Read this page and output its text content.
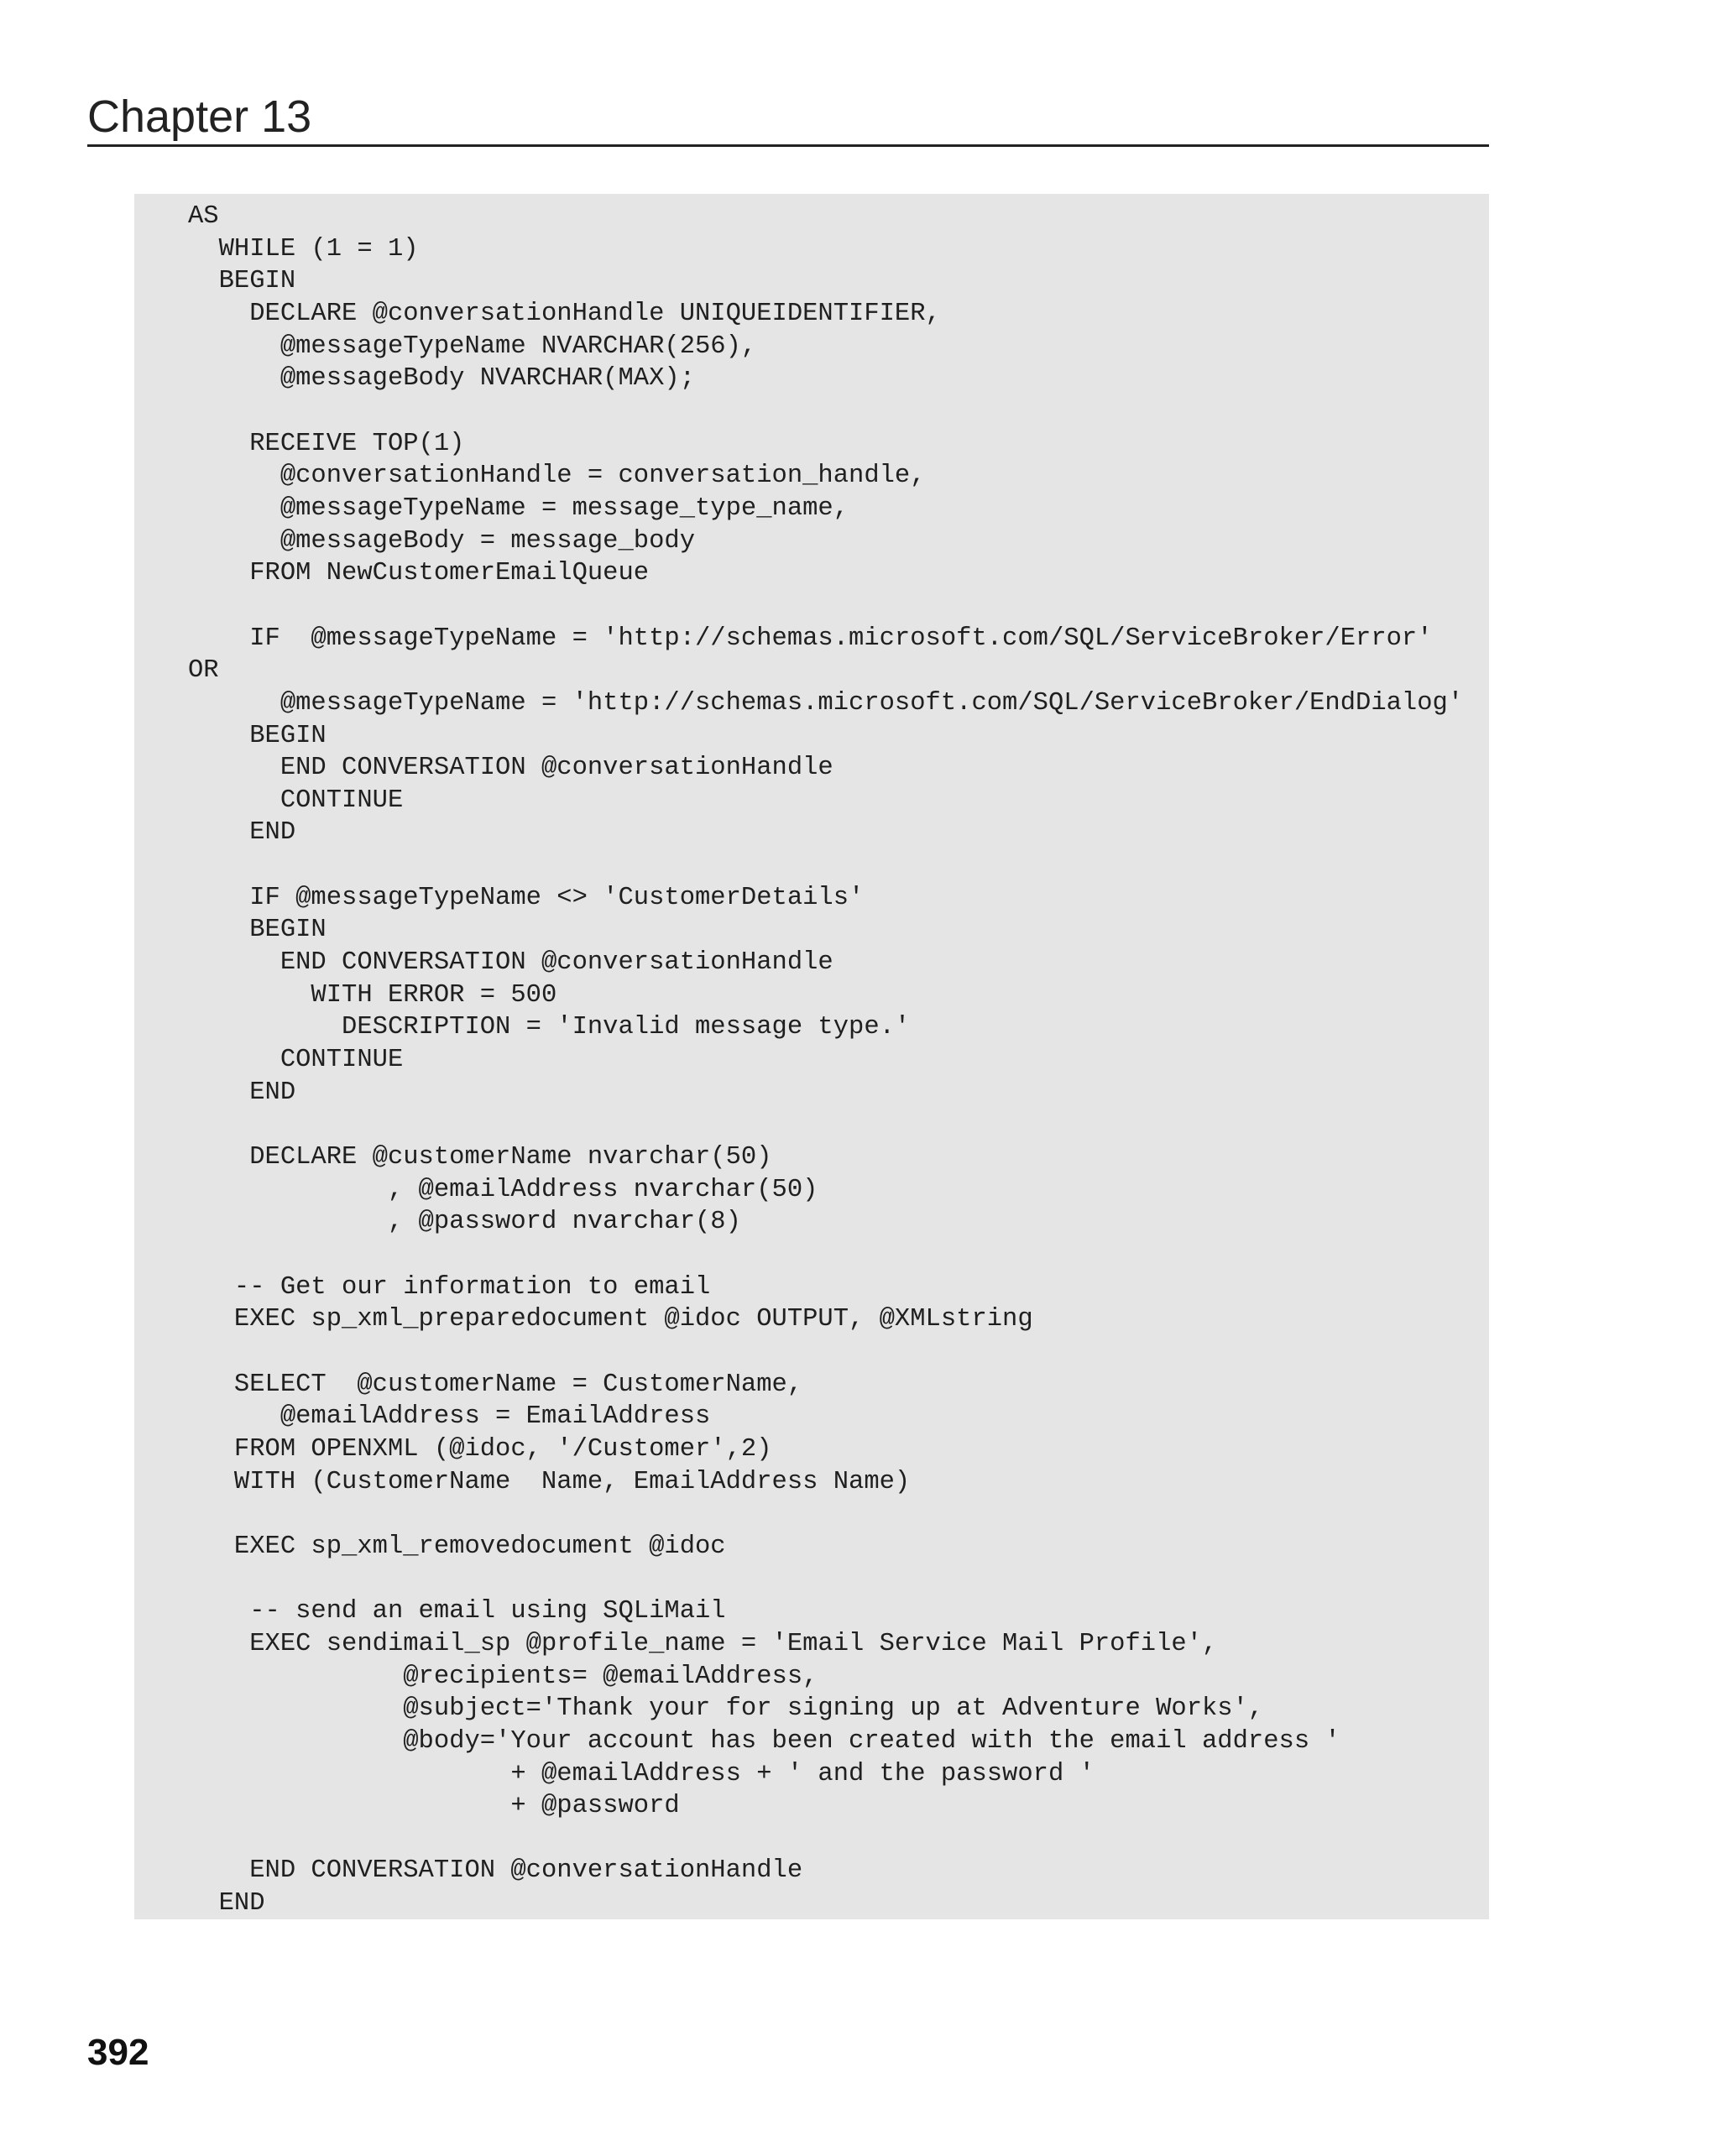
Chapter 13
AS
WHILE (1 = 1)
BEGIN
DECLARE @conversationHandle UNIQUEIDENTIFIER,
@messageTypeName NVARCHAR(256),
@messageBody NVARCHAR(MAX);

RECEIVE TOP(1)
@conversationHandle = conversation_handle,
@messageTypeName = message_type_name,
@messageBody = message_body
FROM NewCustomerEmailQueue

IF  @messageTypeName = 'http://schemas.microsoft.com/SQL/ServiceBroker/Error'
OR
@messageTypeName = 'http://schemas.microsoft.com/SQL/ServiceBroker/EndDialog'
BEGIN
END CONVERSATION @conversationHandle
CONTINUE
END

IF @messageTypeName <> 'CustomerDetails'
BEGIN
END CONVERSATION @conversationHandle
WITH ERROR = 500
DESCRIPTION = 'Invalid message type.'
CONTINUE
END

DECLARE @customerName nvarchar(50)
, @emailAddress nvarchar(50)
, @password nvarchar(8)

-- Get our information to email
EXEC sp_xml_preparedocument @idoc OUTPUT, @XMLstring

SELECT  @customerName = CustomerName,
@emailAddress = EmailAddress
FROM OPENXML (@idoc, '/Customer',2)
WITH (CustomerName  Name, EmailAddress Name)

EXEC sp_xml_removedocument @idoc

-- send an email using SQLiMail
EXEC sendimail_sp @profile_name = 'Email Service Mail Profile',
@recipients= @emailAddress,
@subject='Thank your for signing up at Adventure Works',
@body='Your account has been created with the email address '
+ @emailAddress + ' and the password '
+ @password

END CONVERSATION @conversationHandle
END
392
